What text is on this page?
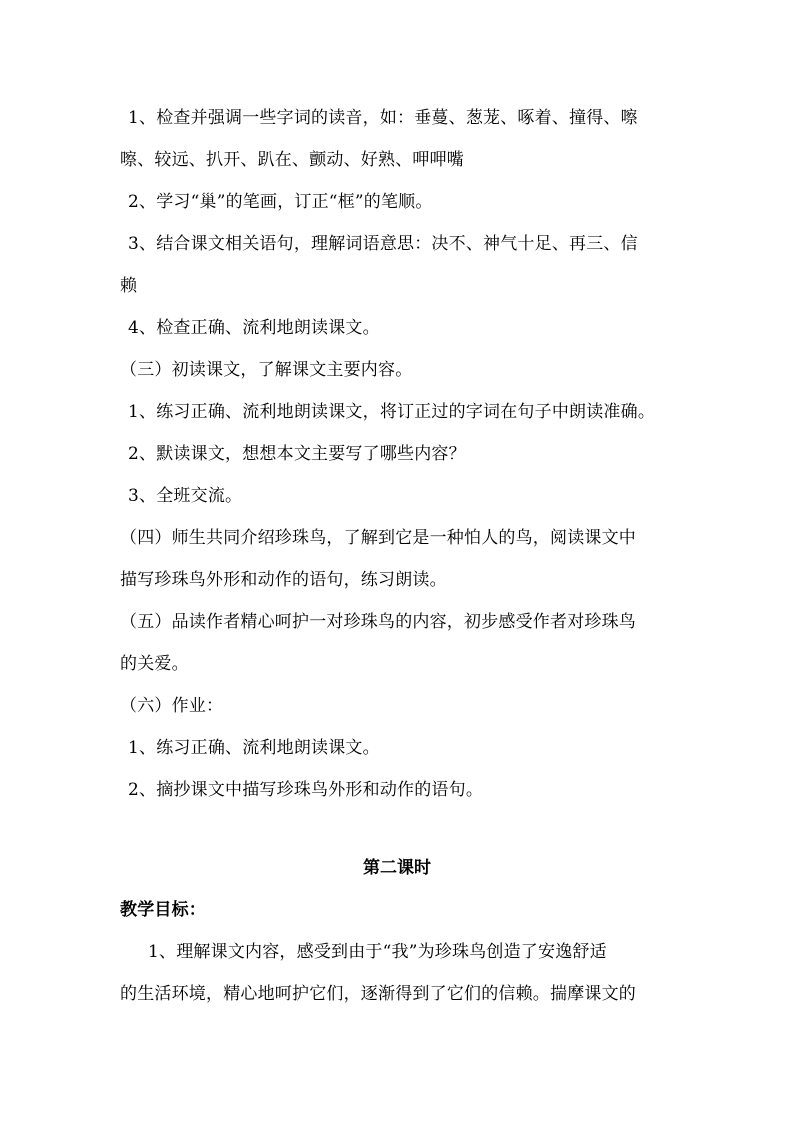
1、检查并强调一些字词的读音，如：垂蔓、葱茏、啄着、撞得、嚓
嚓、较远、扒开、趴在、颤动、好熟、呷呷嘴
2、学习“巢”的笔画，订正“框”的笔顺。
3、结合课文相关语句，理解词语意思：决不、神气十足、再三、信
赖
4、检查正确、流利地朗读课文。
（三）初读课文，了解课文主要内容。
1、练习正确、流利地朗读课文，将订正过的字词在句子中朗读准确。
2、默读课文，想想本文主要写了哪些内容？
3、全班交流。
（四）师生共同介绍珍珠鸟，了解到它是一种怕人的鸟，阅读课文中
描写珍珠鸟外形和动作的语句，练习朗读。
（五）品读作者精心呵护一对珍珠鸟的内容，初步感受作者对珍珠鸟
的关爱。
（六）作业：
1、练习正确、流利地朗读课文。
2、摘抄课文中描写珍珠鸟外形和动作的语句。
第二课时
教学目标：
1、理解课文内容，感受到由于“我”为珍珠鸟创造了安逸舒适
的生活环境，精心地呵护它们，逐渐得到了它们的信赖。揣摩课文的
